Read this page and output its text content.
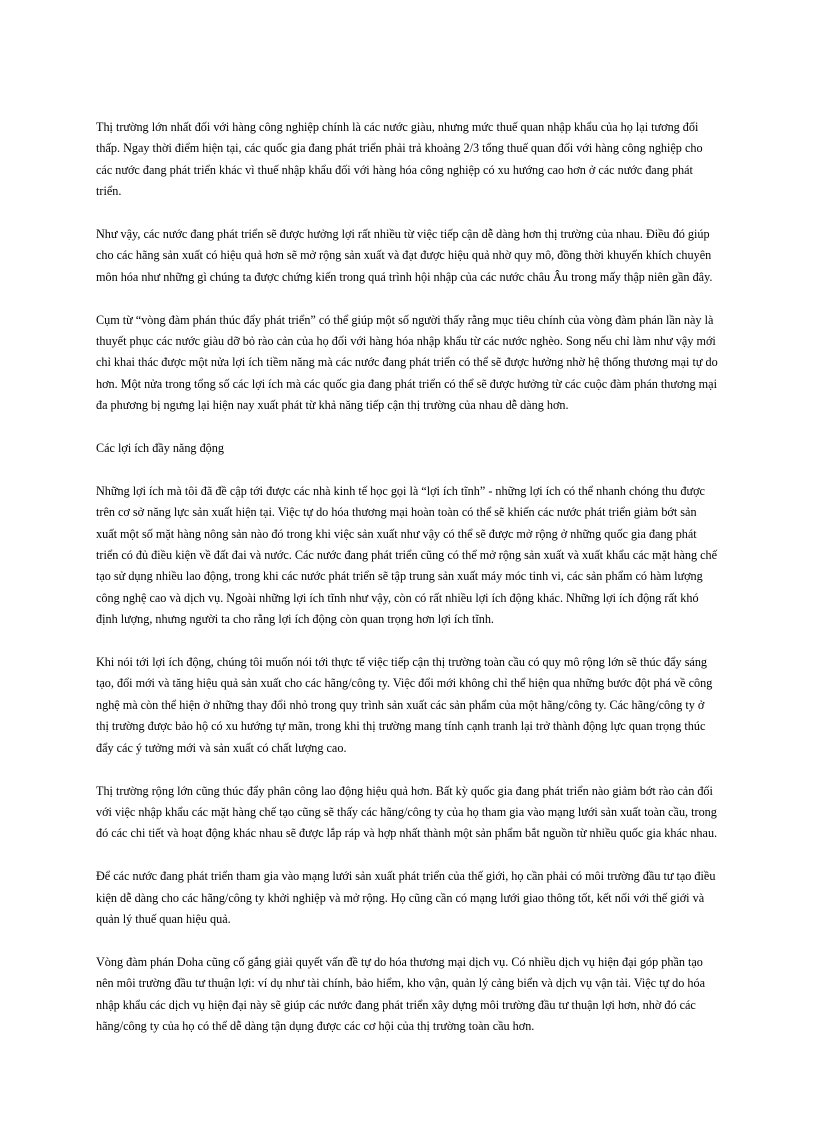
Thị trường lớn nhất đối với hàng công nghiệp chính là các nước giàu, nhưng mức thuế quan nhập khẩu của họ lại tương đối thấp. Ngay thời điểm hiện tại, các quốc gia đang phát triển phải trả khoảng 2/3 tổng thuế quan đối với hàng công nghiệp cho các nước đang phát triển khác vì thuế nhập khẩu đối với hàng hóa công nghiệp có xu hướng cao hơn ở các nước đang phát triển.

Như vậy, các nước đang phát triển sẽ được hưởng lợi rất nhiều từ việc tiếp cận dễ dàng hơn thị trường của nhau. Điều đó giúp cho các hãng sản xuất có hiệu quả hơn sẽ mở rộng sản xuất và đạt được hiệu quả nhờ quy mô, đồng thời khuyến khích chuyên môn hóa như những gì chúng ta được chứng kiến trong quá trình hội nhập của các nước châu Âu trong mấy thập niên gần đây.

Cụm từ “vòng đàm phán thúc đẩy phát triển” có thể giúp một số người thấy rằng mục tiêu chính của vòng đàm phán lần này là thuyết phục các nước giàu dỡ bỏ rào cản của họ đối với hàng hóa nhập khẩu từ các nước nghèo. Song nếu chỉ làm như vậy mới chỉ khai thác được một nửa lợi ích tiềm năng mà các nước đang phát triển có thể sẽ được hưởng nhờ hệ thống thương mại tự do hơn. Một nửa trong tổng số các lợi ích mà các quốc gia đang phát triển có thể sẽ được hưởng từ các cuộc đàm phán thương mại đa phương bị ngưng lại hiện nay xuất phát từ khả năng tiếp cận thị trường của nhau dễ dàng hơn.

Các lợi ích đầy năng động

Những lợi ích mà tôi đã đề cập tới được các nhà kinh tế học gọi là “lợi ích tĩnh” - những lợi ích có thể nhanh chóng thu được trên cơ sở năng lực sản xuất hiện tại. Việc tự do hóa thương mại hoàn toàn có thể sẽ khiến các nước phát triển giảm bớt sản xuất một số mặt hàng nông sản nào đó trong khi việc sản xuất như vậy có thể sẽ được mở rộng ở những quốc gia đang phát triển có đủ điều kiện về đất đai và nước. Các nước đang phát triển cũng có thể mở rộng sản xuất và xuất khẩu các mặt hàng chế tạo sử dụng nhiều lao động, trong khi các nước phát triển sẽ tập trung sản xuất máy móc tinh vi, các sản phẩm có hàm lượng công nghệ cao và dịch vụ. Ngoài những lợi ích tĩnh như vậy, còn có rất nhiều lợi ích động khác. Những lợi ích động rất khó định lượng, nhưng người ta cho rằng lợi ích động còn quan trọng hơn lợi ích tĩnh.

Khi nói tới lợi ích động, chúng tôi muốn nói tới thực tế việc tiếp cận thị trường toàn cầu có quy mô rộng lớn sẽ thúc đẩy sáng tạo, đổi mới và tăng hiệu quả sản xuất cho các hãng/công ty. Việc đổi mới không chỉ thể hiện qua những bước đột phá về công nghệ mà còn thể hiện ở những thay đổi nhỏ trong quy trình sản xuất các sản phẩm của một hãng/công ty. Các hãng/công ty ở thị trường được bảo hộ có xu hướng tự mãn, trong khi thị trường mang tính cạnh tranh lại trở thành động lực quan trọng thúc đẩy các ý tưởng mới và sản xuất có chất lượng cao.

Thị trường rộng lớn cũng thúc đẩy phân công lao động hiệu quả hơn. Bất kỳ quốc gia đang phát triển nào giảm bớt rào cản đối với việc nhập khẩu các mặt hàng chế tạo cũng sẽ thấy các hãng/công ty của họ tham gia vào mạng lưới sản xuất toàn cầu, trong đó các chi tiết và hoạt động khác nhau sẽ được lắp ráp và hợp nhất thành một sản phẩm bắt nguồn từ nhiều quốc gia khác nhau.

Để các nước đang phát triển tham gia vào mạng lưới sản xuất phát triển của thế giới, họ cần phải có môi trường đầu tư tạo điều kiện dễ dàng cho các hãng/công ty khởi nghiệp và mở rộng. Họ cũng cần có mạng lưới giao thông tốt, kết nối với thế giới và quản lý thuế quan hiệu quả.

Vòng đàm phán Doha cũng cố gắng giải quyết vấn đề tự do hóa thương mại dịch vụ. Có nhiều dịch vụ hiện đại góp phần tạo nên môi trường đầu tư thuận lợi: ví dụ như tài chính, bảo hiểm, kho vận, quản lý cảng biển và dịch vụ vận tải. Việc tự do hóa nhập khẩu các dịch vụ hiện đại này sẽ giúp các nước đang phát triển xây dựng môi trường đầu tư thuận lợi hơn, nhờ đó các hãng/công ty của họ có thể dễ dàng tận dụng được các cơ hội của thị trường toàn cầu hơn.
